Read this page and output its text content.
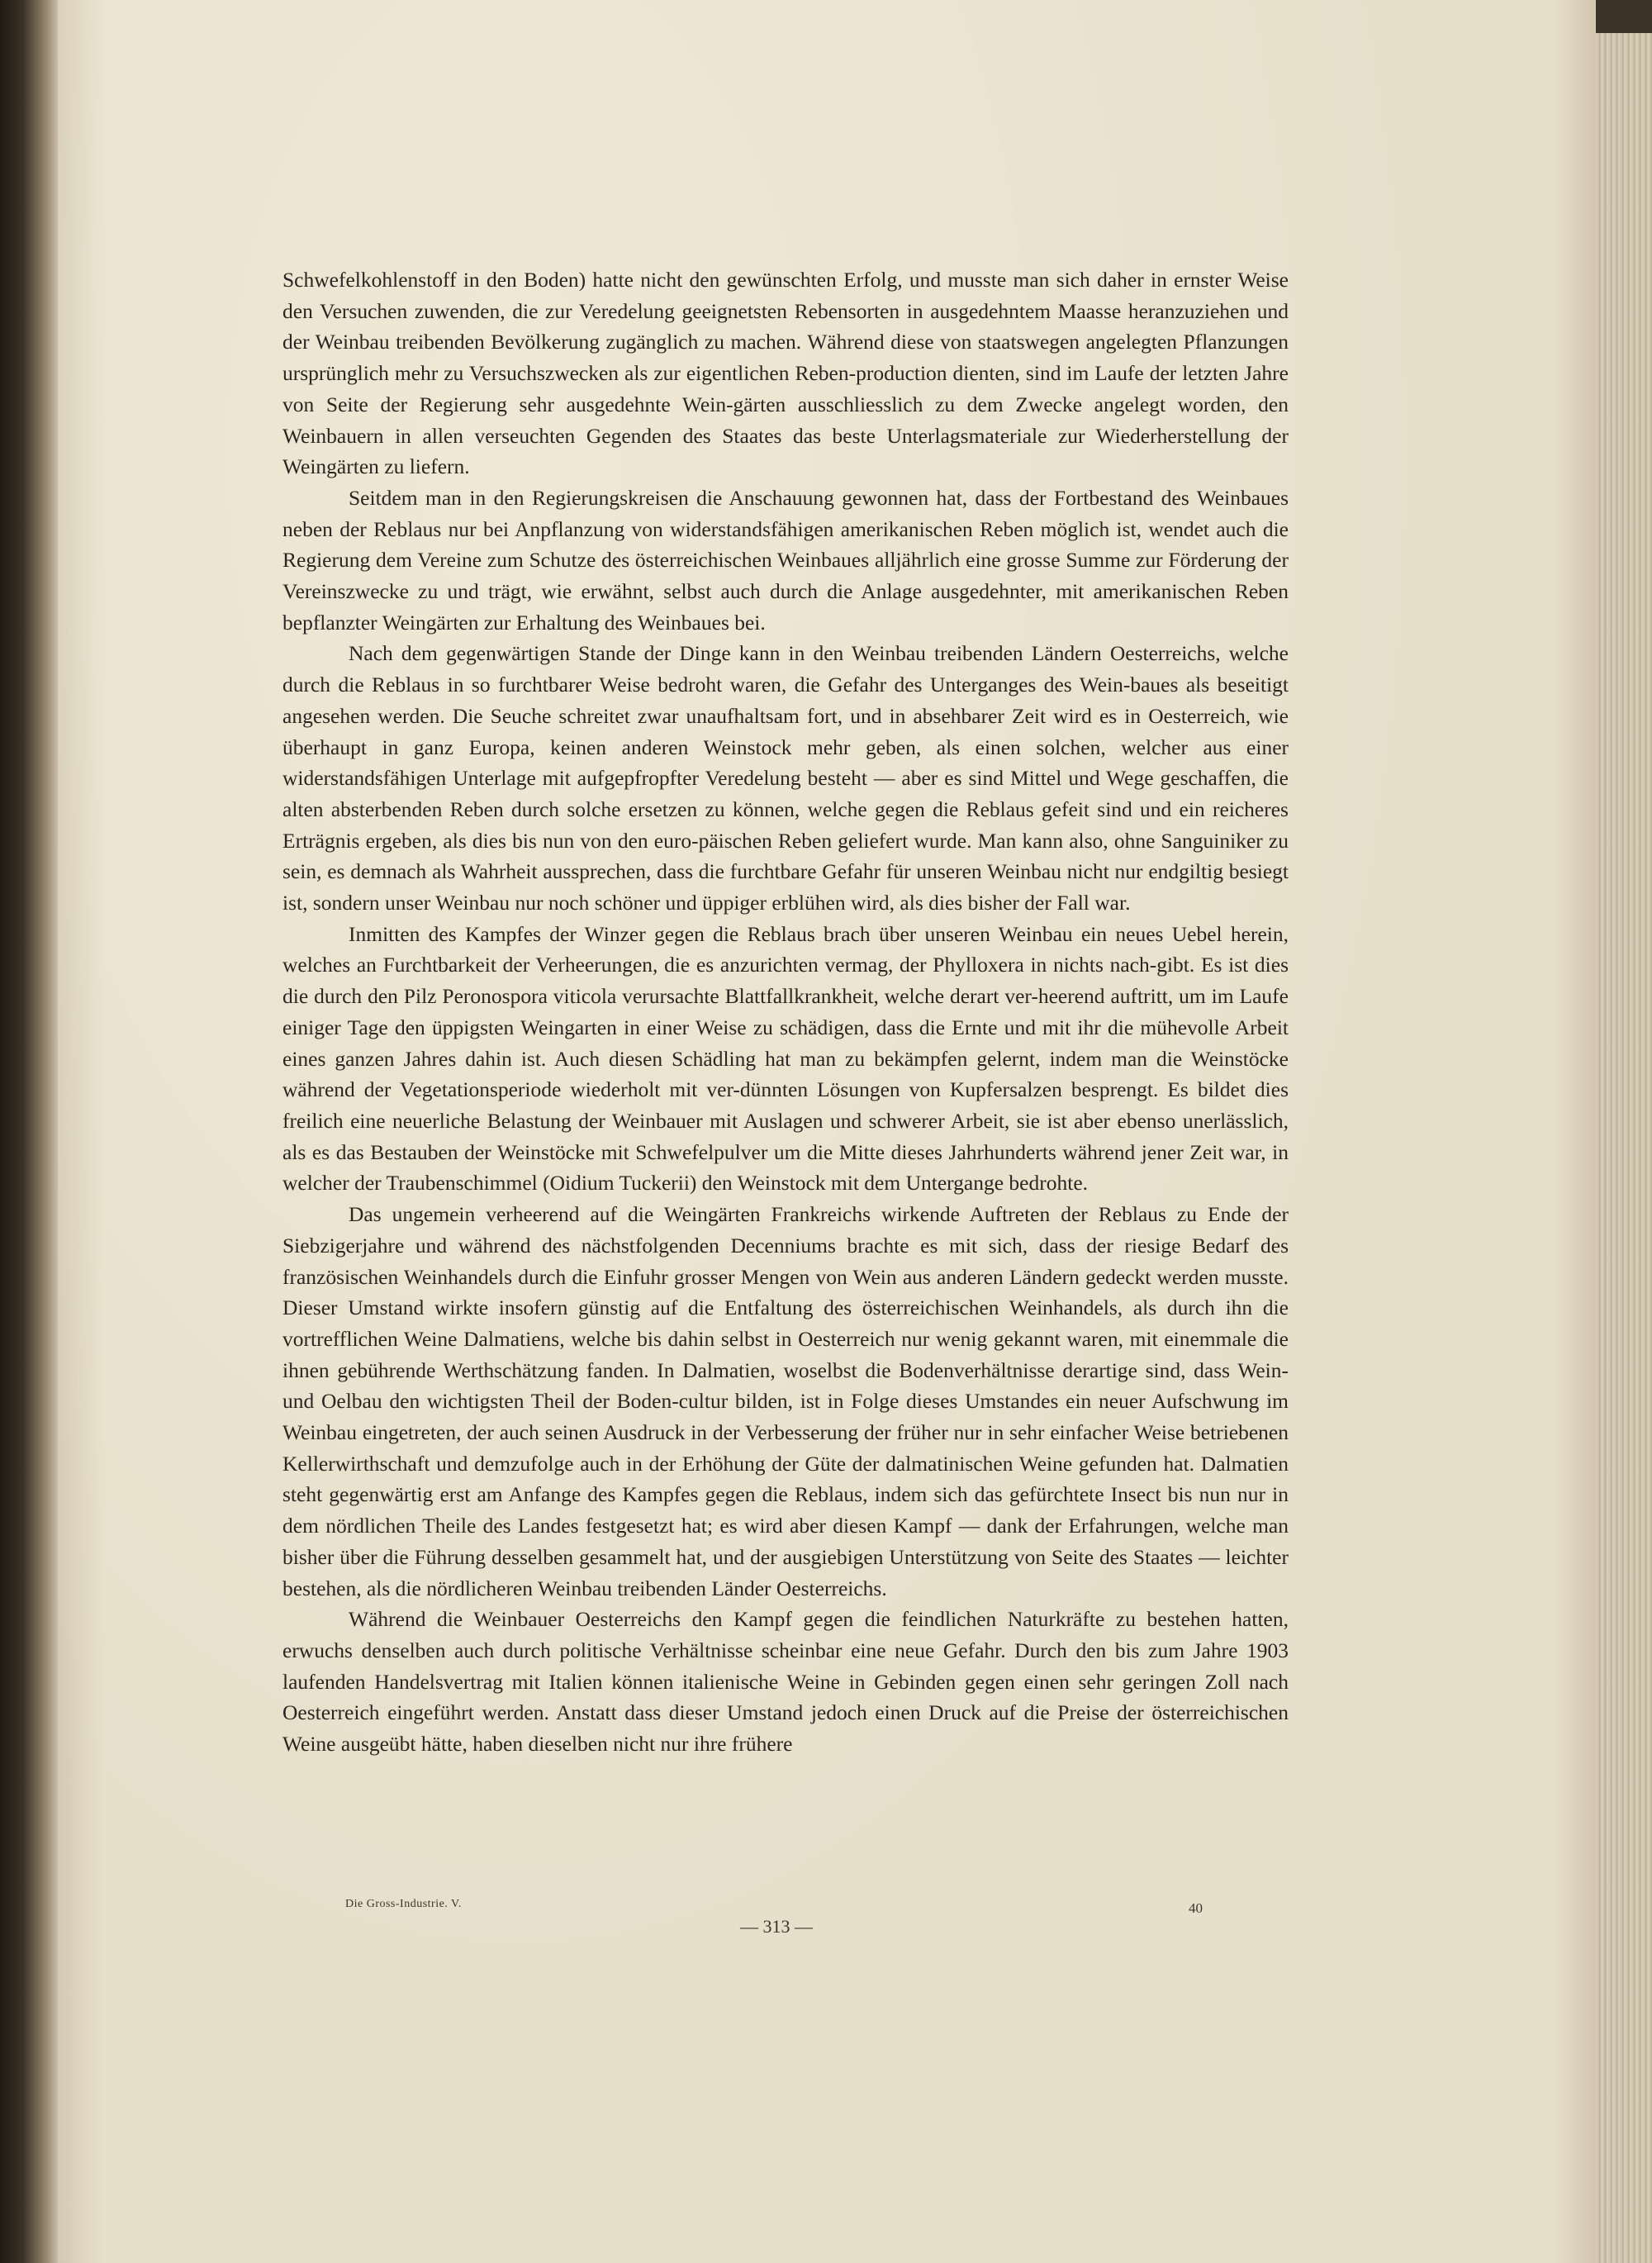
Schwefelkohlenstoff in den Boden) hatte nicht den gewünschten Erfolg, und musste man sich daher in ernster Weise den Versuchen zuwenden, die zur Veredelung geeignetsten Rebensorten in ausgedehntem Maasse heranzuziehen und der Weinbau treibenden Bevölkerung zugänglich zu machen. Während diese von staatswegen angelegten Pflanzungen ursprünglich mehr zu Versuchszwecken als zur eigentlichen Reben-production dienten, sind im Laufe der letzten Jahre von Seite der Regierung sehr ausgedehnte Wein-gärten ausschliesslich zu dem Zwecke angelegt worden, den Weinbauern in allen verseuchten Gegenden des Staates das beste Unterlagsmateriale zur Wiederherstellung der Weingärten zu liefern.

Seitdem man in den Regierungskreisen die Anschauung gewonnen hat, dass der Fortbestand des Weinbaues neben der Reblaus nur bei Anpflanzung von widerstandsfähigen amerikanischen Reben möglich ist, wendet auch die Regierung dem Vereine zum Schutze des österreichischen Weinbaues alljährlich eine grosse Summe zur Förderung der Vereinszwecke zu und trägt, wie erwähnt, selbst auch durch die Anlage ausgedehnter, mit amerikanischen Reben bepflanzter Weingärten zur Erhaltung des Weinbaues bei.

Nach dem gegenwärtigen Stande der Dinge kann in den Weinbau treibenden Ländern Oesterreichs, welche durch die Reblaus in so furchtbarer Weise bedroht waren, die Gefahr des Unterganges des Wein-baues als beseitigt angesehen werden. Die Seuche schreitet zwar unaufhaltsam fort, und in absehbarer Zeit wird es in Oesterreich, wie überhaupt in ganz Europa, keinen anderen Weinstock mehr geben, als einen solchen, welcher aus einer widerstandsfähigen Unterlage mit aufgepfropfter Veredelung besteht — aber es sind Mittel und Wege geschaffen, die alten absterbenden Reben durch solche ersetzen zu können, welche gegen die Reblaus gefeit sind und ein reicheres Erträgnis ergeben, als dies bis nun von den euro-päischen Reben geliefert wurde. Man kann also, ohne Sanguiniker zu sein, es demnach als Wahrheit aussprechen, dass die furchtbare Gefahr für unseren Weinbau nicht nur endgiltig besiegt ist, sondern unser Weinbau nur noch schöner und üppiger erblühen wird, als dies bisher der Fall war.

Inmitten des Kampfes der Winzer gegen die Reblaus brach über unseren Weinbau ein neues Uebel herein, welches an Furchtbarkeit der Verheerungen, die es anzurichten vermag, der Phylloxera in nichts nach-gibt. Es ist dies die durch den Pilz Peronospora viticola verursachte Blattfallkrankheit, welche derart ver-heerend auftritt, um im Laufe einiger Tage den üppigsten Weingarten in einer Weise zu schädigen, dass die Ernte und mit ihr die mühevolle Arbeit eines ganzen Jahres dahin ist. Auch diesen Schädling hat man zu bekämpfen gelernt, indem man die Weinstöcke während der Vegetationsperiode wiederholt mit ver-dünnten Lösungen von Kupfersalzen besprengt. Es bildet dies freilich eine neuerliche Belastung der Weinbauer mit Auslagen und schwerer Arbeit, sie ist aber ebenso unerlässlich, als es das Bestauben der Weinstöcke mit Schwefelpulver um die Mitte dieses Jahrhunderts während jener Zeit war, in welcher der Traubenschimmel (Oidium Tuckerii) den Weinstock mit dem Untergange bedrohte.

Das ungemein verheerend auf die Weingärten Frankreichs wirkende Auftreten der Reblaus zu Ende der Siebzigerjahre und während des nächstfolgenden Decenniums brachte es mit sich, dass der riesige Bedarf des französischen Weinhandels durch die Einfuhr grosser Mengen von Wein aus anderen Ländern gedeckt werden musste. Dieser Umstand wirkte insofern günstig auf die Entfaltung des österreichischen Weinhandels, als durch ihn die vortrefflichen Weine Dalmatiens, welche bis dahin selbst in Oesterreich nur wenig gekannt waren, mit einemmale die ihnen gebührende Werthschätzung fanden. In Dalmatien, woselbst die Bodenverhältnisse derartige sind, dass Wein- und Oelbau den wichtigsten Theil der Boden-cultur bilden, ist in Folge dieses Umstandes ein neuer Aufschwung im Weinbau eingetreten, der auch seinen Ausdruck in der Verbesserung der früher nur in sehr einfacher Weise betriebenen Kellerwirthschaft und demzufolge auch in der Erhöhung der Güte der dalmatinischen Weine gefunden hat. Dalmatien steht gegenwärtig erst am Anfange des Kampfes gegen die Reblaus, indem sich das gefürchtete Insect bis nun nur in dem nördlichen Theile des Landes festgesetzt hat; es wird aber diesen Kampf — dank der Erfahrungen, welche man bisher über die Führung desselben gesammelt hat, und der ausgiebigen Unterstützung von Seite des Staates — leichter bestehen, als die nördlicheren Weinbau treibenden Länder Oesterreichs.

Während die Weinbauer Oesterreichs den Kampf gegen die feindlichen Naturkräfte zu bestehen hatten, erwuchs denselben auch durch politische Verhältnisse scheinbar eine neue Gefahr. Durch den bis zum Jahre 1903 laufenden Handelsvertrag mit Italien können italienische Weine in Gebinden gegen einen sehr geringen Zoll nach Oesterreich eingeführt werden. Anstatt dass dieser Umstand jedoch einen Druck auf die Preise der österreichischen Weine ausgeübt hätte, haben dieselben nicht nur ihre frühere

Die Gross-Industrie. V.	40
— 313 —
